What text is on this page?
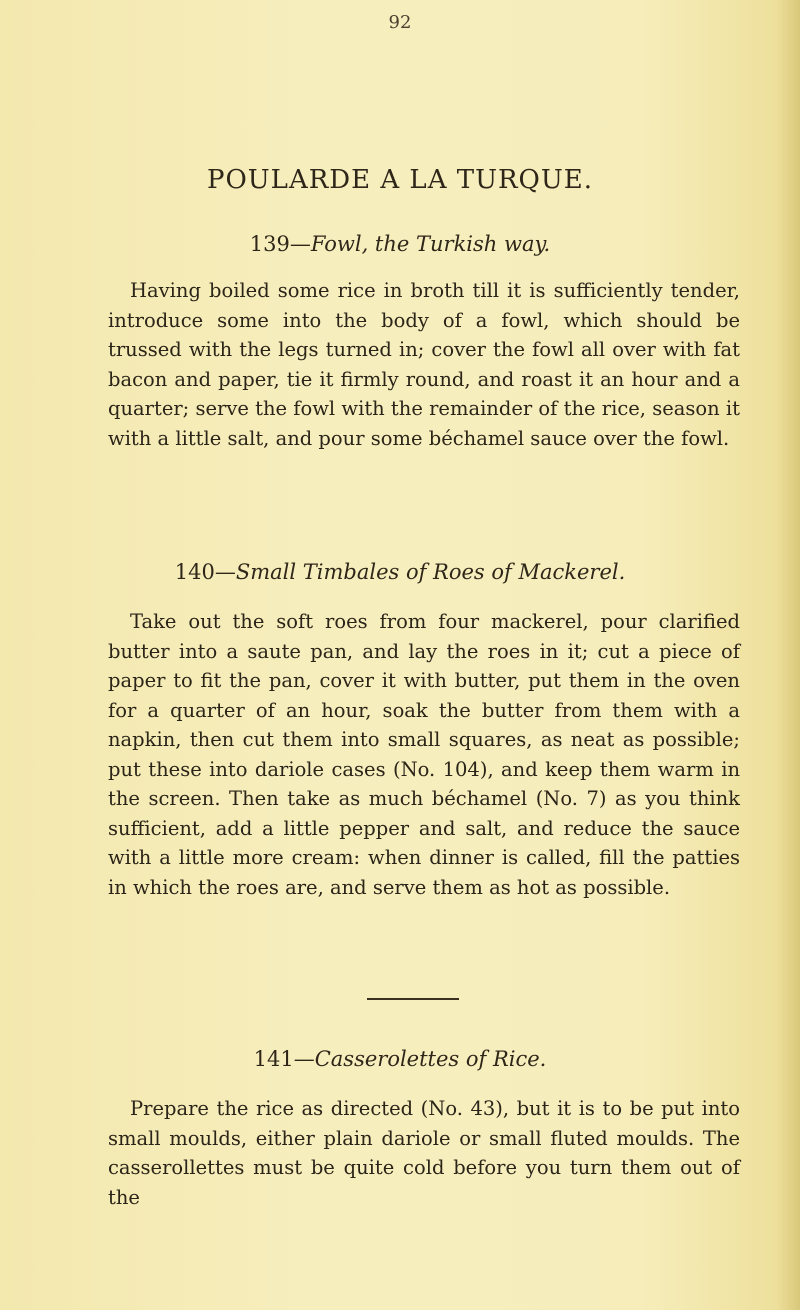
92
POULARDE A LA TURQUE.
139—Fowl, the Turkish way.
Having boiled some rice in broth till it is sufficiently tender, introduce some into the body of a fowl, which should be trussed with the legs turned in; cover the fowl all over with fat bacon and paper, tie it firmly round, and roast it an hour and a quarter; serve the fowl with the remainder of the rice, season it with a little salt, and pour some béchamel sauce over the fowl.
140—Small Timbales of Roes of Mackerel.
Take out the soft roes from four mackerel, pour clarified butter into a saute pan, and lay the roes in it; cut a piece of paper to fit the pan, cover it with butter, put them in the oven for a quarter of an hour, soak the butter from them with a napkin, then cut them into small squares, as neat as possible; put these into dariole cases (No. 104), and keep them warm in the screen. Then take as much béchamel (No. 7) as you think sufficient, add a little pepper and salt, and reduce the sauce with a little more cream: when dinner is called, fill the patties in which the roes are, and serve them as hot as possible.
141—Casserolettes of Rice.
Prepare the rice as directed (No. 43), but it is to be put into small moulds, either plain dariole or small fluted moulds. The casserollettes must be quite cold before you turn them out of the
